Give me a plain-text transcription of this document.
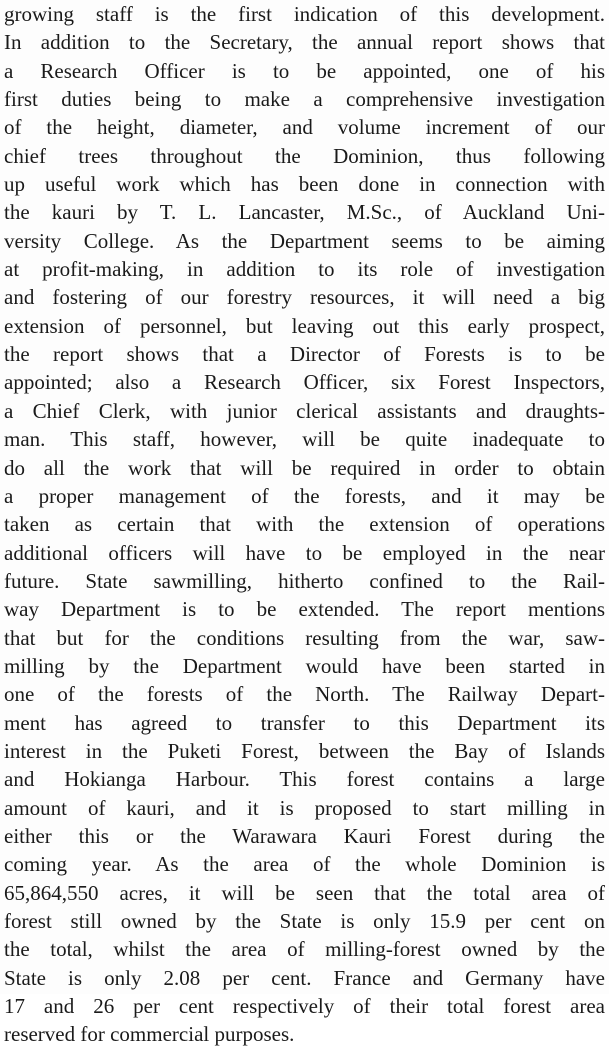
growing staff is the first indication of this development.
In addition to the Secretary, the annual report shows that
a Research Officer is to be appointed, one of his
first duties being to make a comprehensive investigation
of the height, diameter, and volume increment of our
chief trees throughout the Dominion, thus following
up useful work which has been done in connection with
the kauri by T. L. Lancaster, M.Sc., of Auckland Uni-
versity College. As the Department seems to be aiming
at profit-making, in addition to its role of investigation
and fostering of our forestry resources, it will need a big
extension of personnel, but leaving out this early prospect,
the report shows that a Director of Forests is to be
appointed; also a Research Officer, six Forest Inspectors,
a Chief Clerk, with junior clerical assistants and draughts-
man. This staff, however, will be quite inadequate to
do all the work that will be required in order to obtain
a proper management of the forests, and it may be
taken as certain that with the extension of operations
additional officers will have to be employed in the near
future. State sawmilling, hitherto confined to the Rail-
way Department is to be extended. The report mentions
that but for the conditions resulting from the war, saw-
milling by the Department would have been started in
one of the forests of the North. The Railway Depart-
ment has agreed to transfer to this Department its
interest in the Puketi Forest, between the Bay of Islands
and Hokianga Harbour. This forest contains a large
amount of kauri, and it is proposed to start milling in
either this or the Warawara Kauri Forest during the
coming year. As the area of the whole Dominion is
65,864,550 acres, it will be seen that the total area of
forest still owned by the State is only 15.9 per cent on
the total, whilst the area of milling-forest owned by the
State is only 2.08 per cent. France and Germany have
17 and 26 per cent respectively of their total forest area
reserved for commercial purposes.
